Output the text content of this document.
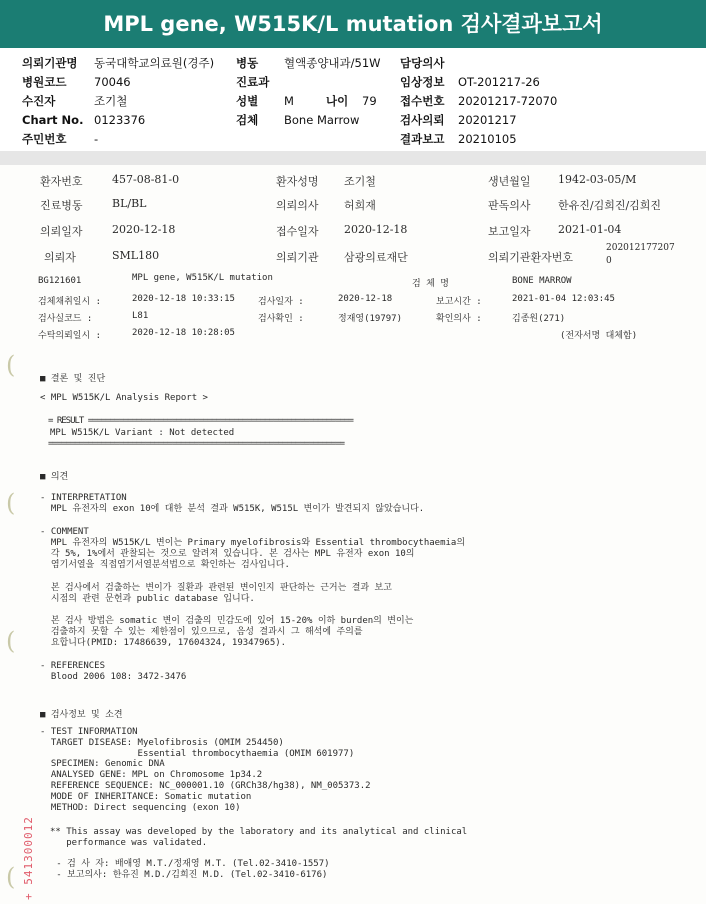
MPL gene, W515K/L mutation 검사결과보고서
의뢰기관명 동국대학교의료원(경주) 병동 혈액종양내과/51W 담당의사
병원코드 70046	진료과	임상정보 OT-201217-26
수진자	조기철	성별 M	나이 79 접수번호 20201217-72070
Chart No. 0123376	검체 Bone Marrow	검사의뢰 20201217
주민번호 -	결과보고 20210105
환자번호	457-08-81-0	환자성명 조기철	생년월일 1942-03-05/M
진료병동	BL/BL	의뢰의사 허희재	판독의사 한유진/김희진/김희진
의뢰일자	2020-12-18	접수일자 2020-12-18	보고일자 2021-01-04
의뢰자	SML180	의뢰기관 삼광의료재단	의뢰기관환자번호
202012177207
0
BG121601	MPL gene, W515K/L mutation
검 체 명	BONE MARROW
검체채취일시 :	2020-12-18 10:33:15	검사일자 :	2020-12-18	보고시간 :	2021-01-04 12:03:45
검사실코드 :	L81	검사확인 :	정재영(19797)	확인의사 :	김종원(271)
수탁의뢰일시 :	2020-12-18 10:28:05	(전자서명 대체함)
(
(
(
(
■ 결론 및 진단
< MPL W515K/L Analysis Report >
= RESULT ============================================================
MPL W515K/L Variant : Not detected
===================================================================
■ 의견
- INTERPRETATION
MPL 유전자의 exon 10에 대한 분석 결과 W515K, W515L 변이가 발견되지 않았습니다.
- COMMENT
MPL 유전자의 W515K/L 변이는 Primary myelofibrosis와 Essential thrombocythaemia의
각 5%, 1%에서 관찰되는 것으로 알려져 있습니다. 본 검사는 MPL 유전자 exon 10의
염기서열을 직접염기서열분석법으로 확인하는 검사입니다.
본 검사에서 검출하는 변이가 질환과 관련된 변이인지 판단하는 근거는 결과 보고
시점의 관련 문헌과 public database 입니다.
본 검사 방법은 somatic 변이 검출의 민감도에 있어 15-20% 이하 burden의 변이는
검출하지 못할 수 있는 제한점이 있으므로, 음성 결과시 그 해석에 주의를
요합니다(PMID: 17486639, 17604324, 19347965).
- REFERENCES
Blood 2006 108: 3472-3476
■ 검사정보 및 소견
- TEST INFORMATION
TARGET DISEASE: Myelofibrosis (OMIM 254450)
Essential thrombocythaemia (OMIM 601977)
SPECIMEN: Genomic DNA
ANALYSED GENE: MPL on Chromosome 1p34.2
REFERENCE SEQUENCE: NC_000001.10 (GRCh38/hg38), NM_005373.2
MODE OF INHERITANCE: Somatic mutation
METHOD: Direct sequencing (exon 10)
** This assay was developed by the laboratory and its analytical and clinical
performance was validated.
- 검 사 자: 배애영 M.T./정재영 M.T. (Tel.02-3410-1557)
- 보고의사: 한유진 M.D./김희진 M.D. (Tel.02-3410-6176)
+ 541300012
